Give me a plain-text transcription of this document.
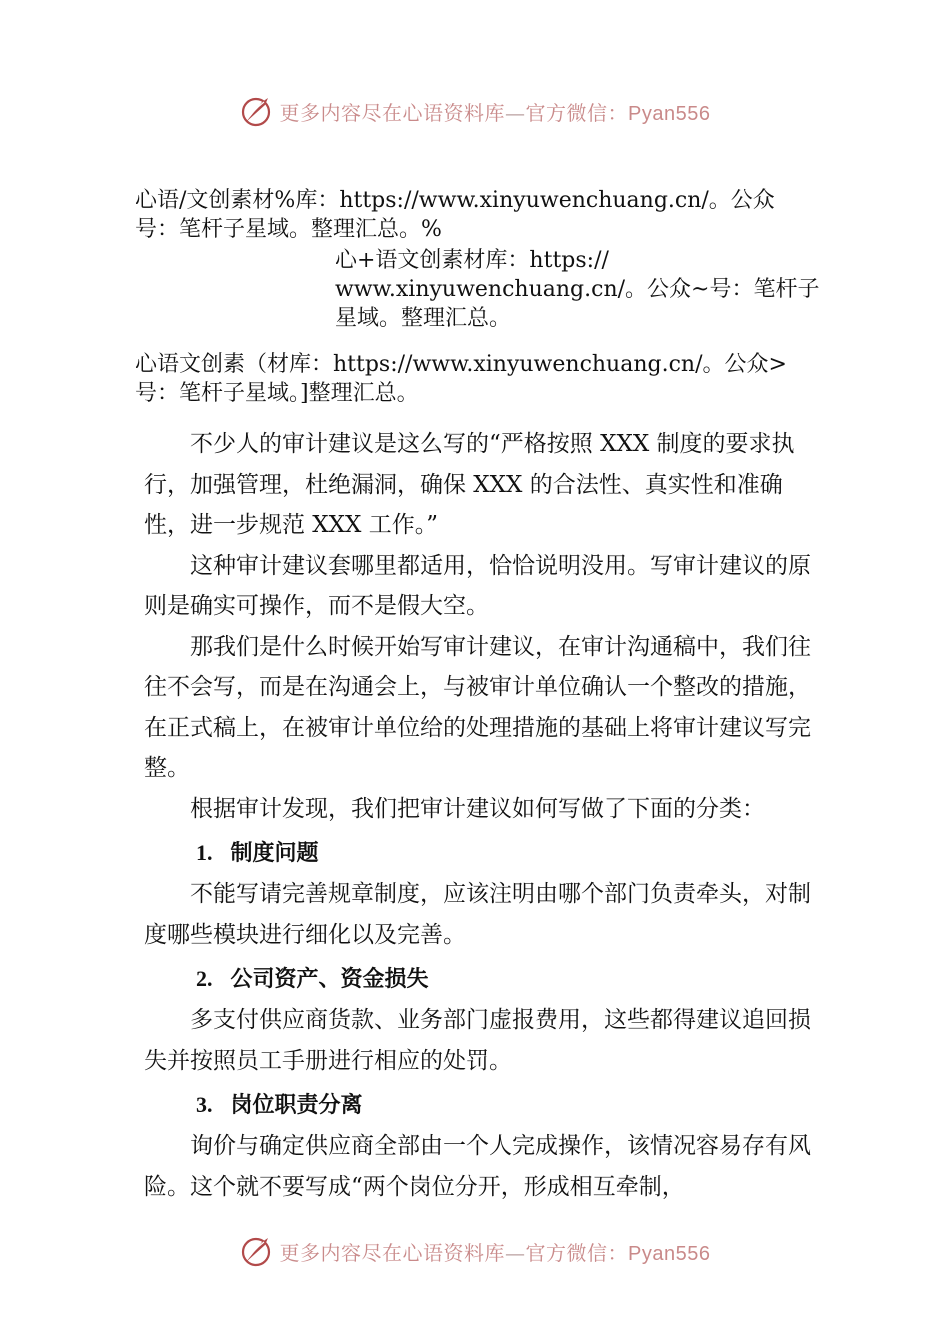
更多内容尽在心语资料库—官方微信：Pyan556
心语/文创素材%库：https://www.xinyuwenchuang.cn/。公众
号：笔杆子星域。整理汇总。%
心+语文创素材库：https://
www.xinyuwenchuang.cn/。公众~号：笔杆子
星域。整理汇总。
心语文创素（材库：https://www.xinyuwenchuang.cn/。公众>
号：笔杆子星域。]整理汇总。

不少人的审计建议是这么写的“严格按照 XXX 制度的要求执行，加强管理，杜绝漏洞，确保 XXX 的合法性、真实性和准确性，进一步规范 XXX 工作。”

这种审计建议套哪里都适用，恰恰说明没用。写审计建议的原则是确实可操作，而不是假大空。

那我们是什么时候开始写审计建议，在审计沟通稿中，我们往往不会写，而是在沟通会上，与被审计单位确认一个整改的措施，在正式稿上，在被审计单位给的处理措施的基础上将审计建议写完整。

根据审计发现，我们把审计建议如何写做了下面的分类：

1. 制度问题

不能写请完善规章制度，应该注明由哪个部门负责牵头，对制度哪些模块进行细化以及完善。

2. 公司资产、资金损失

多支付供应商货款、业务部门虚报费用，这些都得建议追回损失并按照员工手册进行相应的处罚。

3. 岗位职责分离

询价与确定供应商全部由一个人完成操作，该情况容易存有风险。这个就不要写成“两个岗位分开，形成相互牵制，

更多内容尽在心语资料库—官方微信：Pyan556
